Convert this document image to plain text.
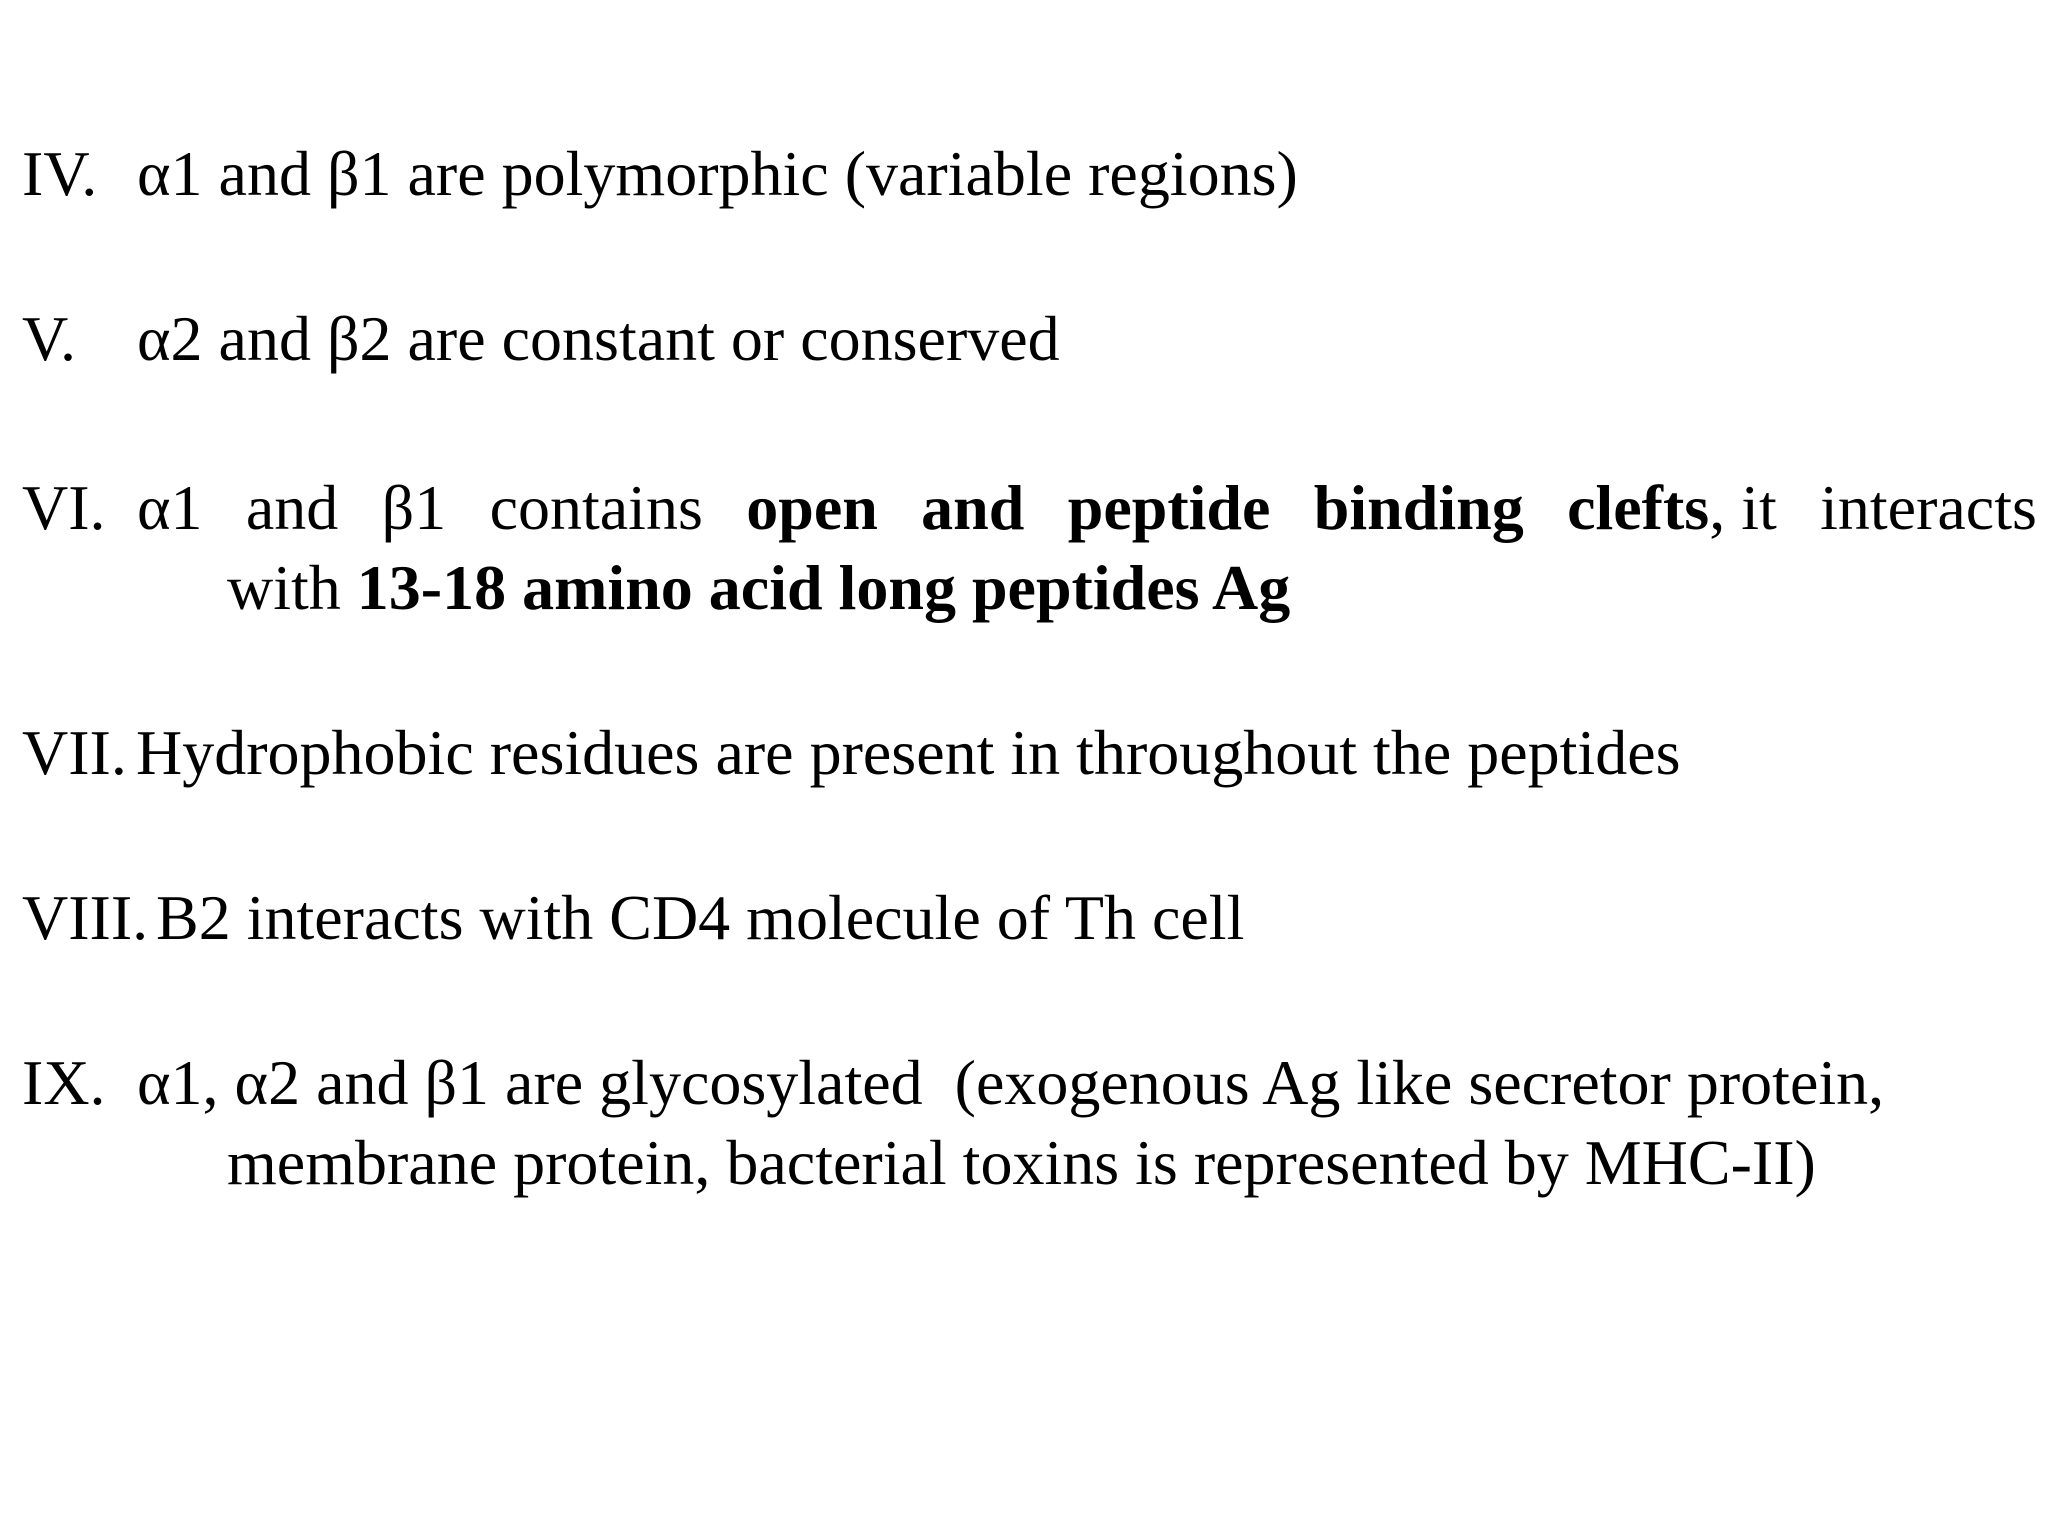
IV. α1 and β1 are polymorphic (variable regions)
V. α2 and β2 are constant or conserved
VI. α1 and β1 contains open and peptide binding clefts, it interacts
with 13-18 amino acid long peptides Ag
VII. Hydrophobic residues are present in throughout the peptides
VIII. B2 interacts with CD4 molecule of Th cell
IX. α1, α2 and β1 are glycosylated  (exogenous Ag like secretor protein,
membrane protein, bacterial toxins is represented by MHC-II)
